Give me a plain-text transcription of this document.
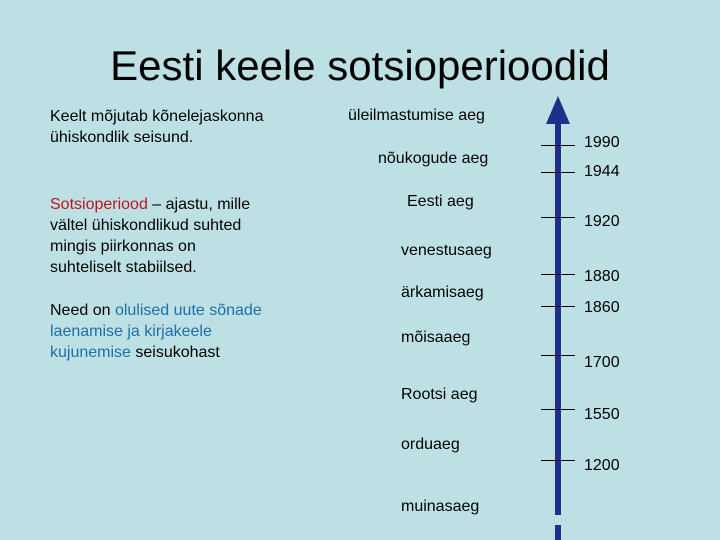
Eesti keele sotsioperioodid
Keelt mõjutab kõnelejaskonna ühiskondlik seisund.
Sotsioperiood – ajastu, mille vältel ühiskondlikud suhted mingis piirkonnas on suhteliselt stabiilsed.
Need on olulised uute sõnade laenamise ja kirjakeele kujunemise seisukohast
üleilmastumise aeg
nõukogude aeg
Eesti aeg
venestusaeg
ärkamisaeg
mõisaaeg
Rootsi aeg
orduaeg
muinasaeg
1990
1944
1920
1880
1860
1700
1550
1200
